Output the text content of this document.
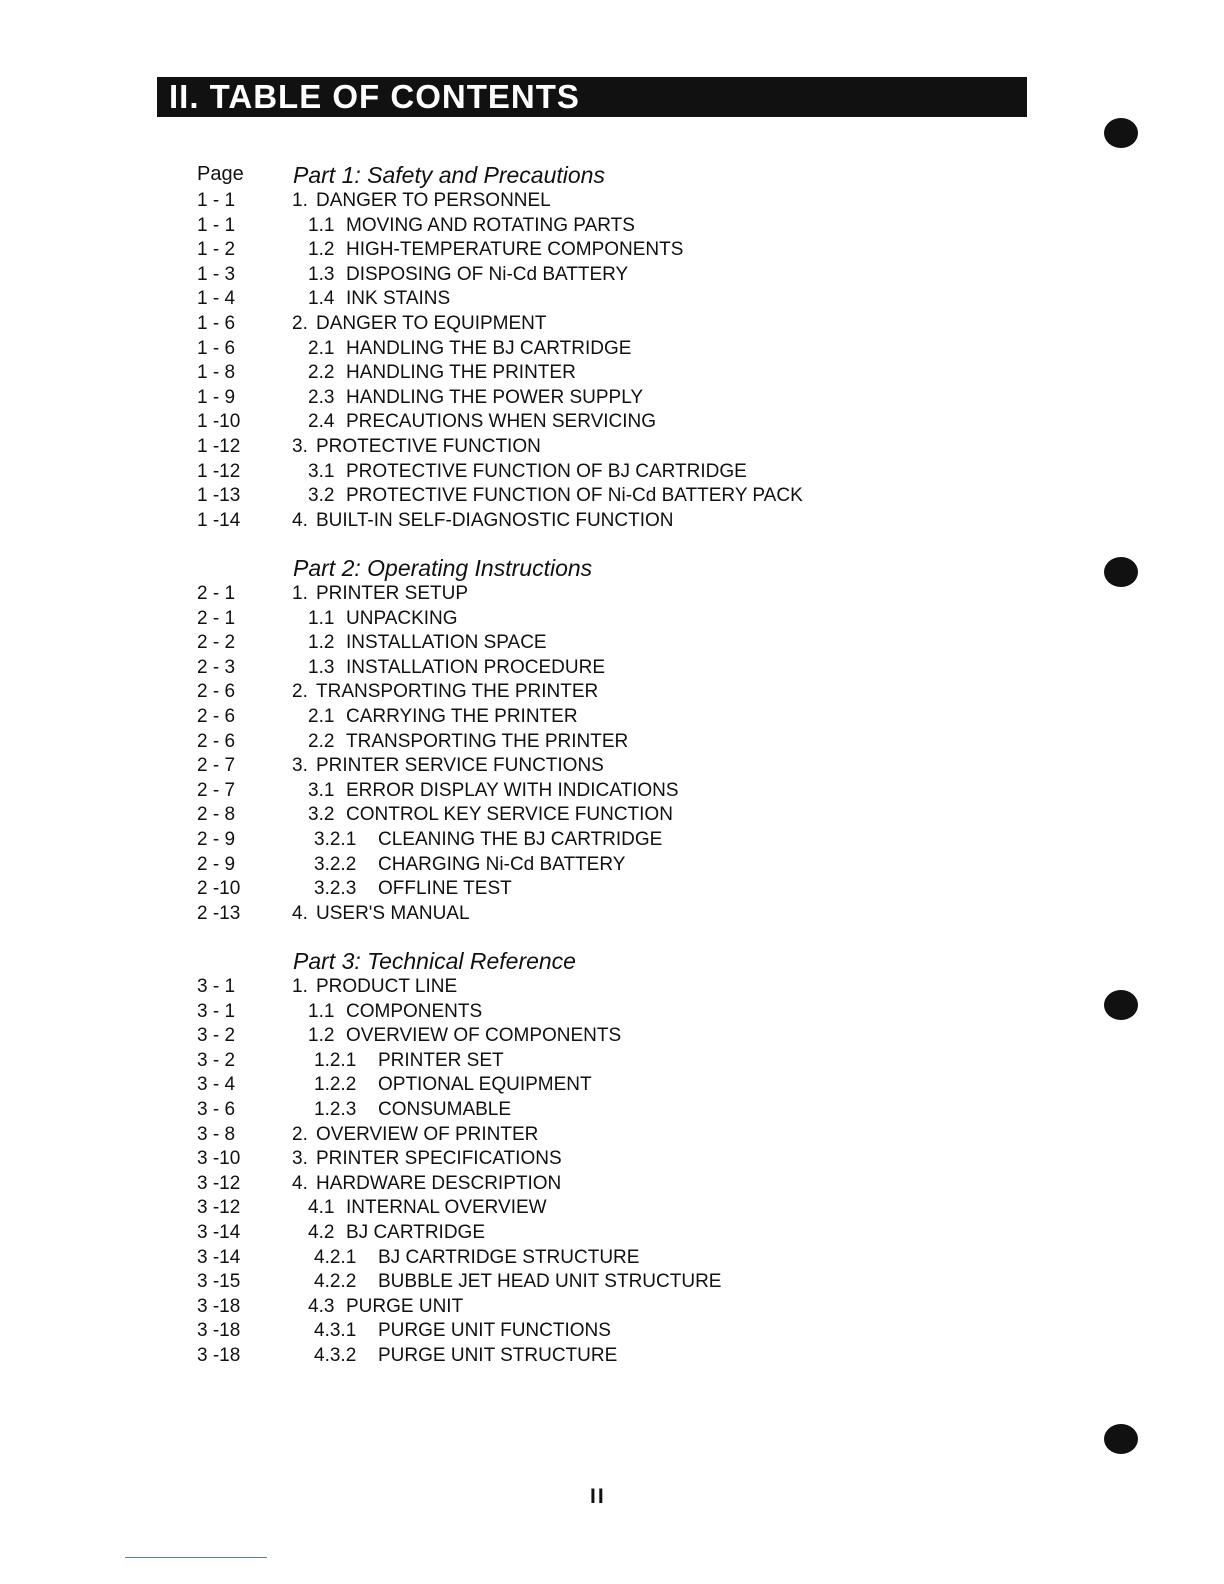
II. TABLE OF CONTENTS
Page Part 1: Safety and Precautions
1 - 1	1. DANGER TO PERSONNEL
1 - 1	1.1 MOVING AND ROTATING PARTS
1 - 2	1.2 HIGH-TEMPERATURE COMPONENTS
1 - 3	1.3 DISPOSING OF Ni-Cd BATTERY
1 - 4	1.4 INK STAINS
1 - 6	2. DANGER TO EQUIPMENT
1 - 6	2.1 HANDLING THE BJ CARTRIDGE
1 - 8	2.2 HANDLING THE PRINTER
1 - 9	2.3 HANDLING THE POWER SUPPLY
1 -10	2.4 PRECAUTIONS WHEN SERVICING
1 -12	3. PROTECTIVE FUNCTION
1 -12	3.1 PROTECTIVE FUNCTION OF BJ CARTRIDGE
1 -13	3.2 PROTECTIVE FUNCTION OF Ni-Cd BATTERY PACK
1 -14	4. BUILT-IN SELF-DIAGNOSTIC FUNCTION
Part 2: Operating Instructions
2 - 1	1. PRINTER SETUP
2 - 1	1.1 UNPACKING
2 - 2	1.2 INSTALLATION SPACE
2 - 3	1.3 INSTALLATION PROCEDURE
2 - 6	2. TRANSPORTING THE PRINTER
2 - 6	2.1 CARRYING THE PRINTER
2 - 6	2.2 TRANSPORTING THE PRINTER
2 - 7	3. PRINTER SERVICE FUNCTIONS
2 - 7	3.1 ERROR DISPLAY WITH INDICATIONS
2 - 8	3.2 CONTROL KEY SERVICE FUNCTION
2 - 9	3.2.1 CLEANING THE BJ CARTRIDGE
2 - 9	3.2.2 CHARGING Ni-Cd BATTERY
2 -10	3.2.3 OFFLINE TEST
2 -13	4. USER'S MANUAL
Part 3: Technical Reference
3 - 1	1. PRODUCT LINE
3 - 1	1.1 COMPONENTS
3 - 2	1.2 OVERVIEW OF COMPONENTS
3 - 2	1.2.1 PRINTER SET
3 - 4	1.2.2 OPTIONAL EQUIPMENT
3 - 6	1.2.3 CONSUMABLE
3 - 8	2. OVERVIEW OF PRINTER
3 -10	3. PRINTER SPECIFICATIONS
3 -12	4. HARDWARE DESCRIPTION
3 -12	4.1 INTERNAL OVERVIEW
3 -14	4.2 BJ CARTRIDGE
3 -14	4.2.1 BJ CARTRIDGE STRUCTURE
3 -15	4.2.2 BUBBLE JET HEAD UNIT STRUCTURE
3 -18	4.3 PURGE UNIT
3 -18	4.3.1 PURGE UNIT FUNCTIONS
3 -18	4.3.2 PURGE UNIT STRUCTURE
II
